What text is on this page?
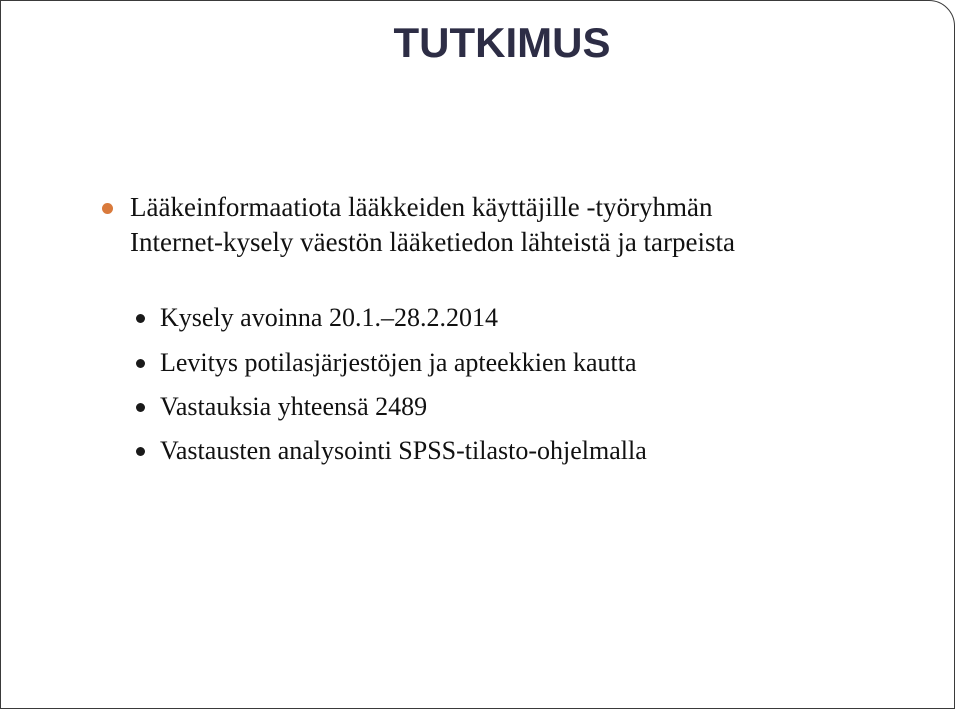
TUTKIMUS
Lääkeinformaatiota lääkkeiden käyttäjille -työryhmän
Internet-kysely väestön lääketiedon lähteistä ja tarpeista
Kysely avoinna 20.1.–28.2.2014
Levitys potilasjärjestöjen ja apteekkien kautta
Vastauksia yhteensä 2489
Vastausten analysointi SPSS-tilasto-ohjelmalla
